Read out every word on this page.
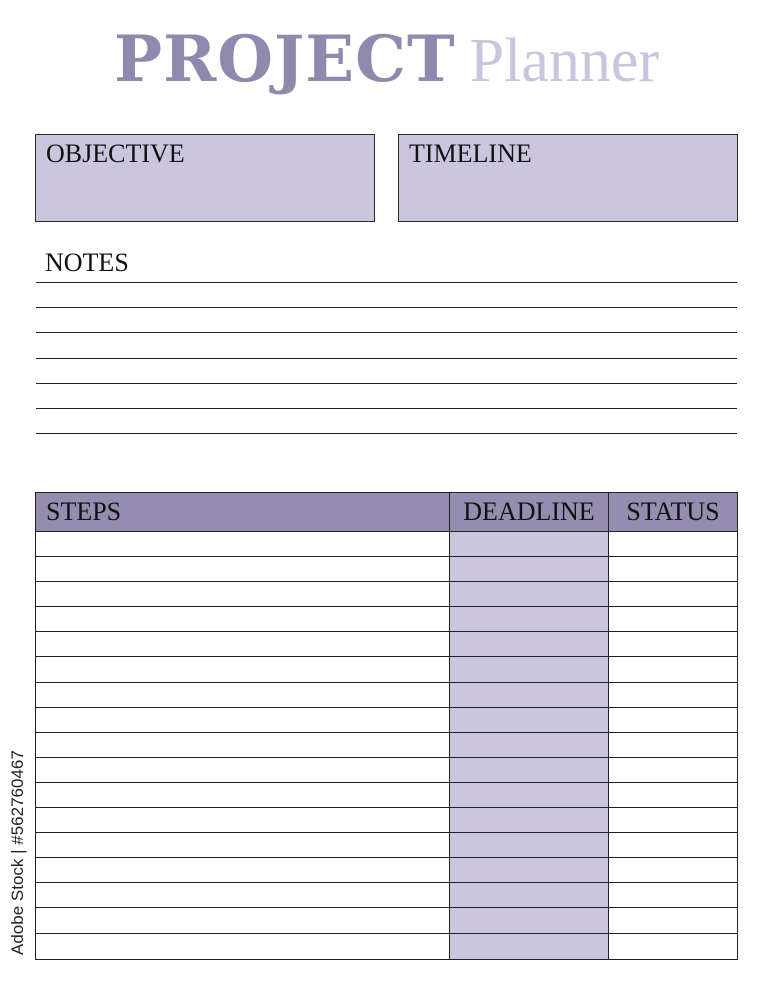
PROJECT Planner
OBJECTIVE	TIMELINE
NOTES
STEPS	DEADLINE	STATUS
Adobe Stock | #562760467
